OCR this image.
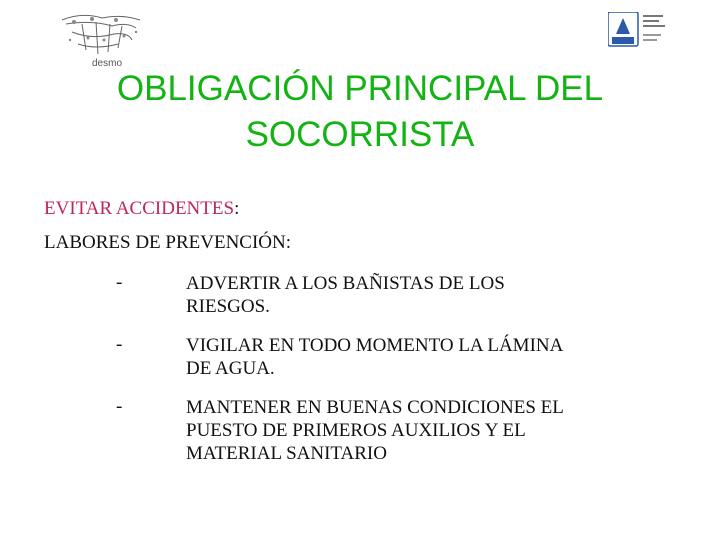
desmo
OBLIGACIÓN PRINCIPAL DEL
SOCORRISTA
EVITAR ACCIDENTES:
LABORES DE PREVENCIÓN:
-	ADVERTIR A LOS BAÑISTAS DE LOS
RIESGOS.
-	VIGILAR EN TODO MOMENTO LA LÁMINA
DE AGUA.
-	MANTENER EN BUENAS CONDICIONES EL
PUESTO DE PRIMEROS AUXILIOS Y EL
MATERIAL SANITARIO
